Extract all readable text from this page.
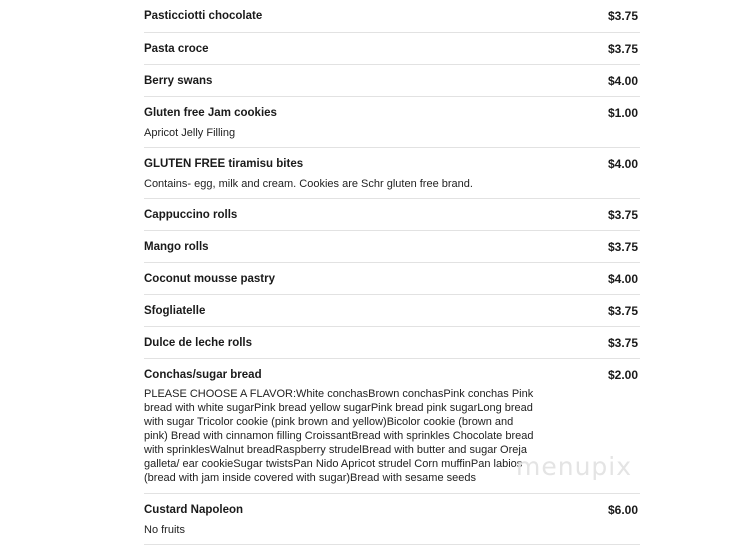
Pasticciotti chocolate	$3.75
Pasta croce	$3.75
Berry swans	$4.00
Gluten free Jam cookies	$1.00
Apricot Jelly Filling
GLUTEN FREE tiramisu bites	$4.00
Contains- egg, milk and cream. Cookies are Schr gluten free brand.
Cappuccino rolls	$3.75
Mango rolls	$3.75
Coconut mousse pastry	$4.00
Sfogliatelle	$3.75
Dulce de leche rolls	$3.75
Conchas/sugar bread	$2.00
PLEASE CHOOSE A FLAVOR:White conchasBrown conchasPink conchas Pink bread with white sugarPink bread yellow sugarPink bread pink sugarLong bread with sugar Tricolor cookie (pink brown and yellow)Bicolor cookie (brown and pink) Bread with cinnamon filling CroissantBread with sprinkles Chocolate bread with sprinklesWalnut breadRaspberry strudelBread with butter and sugar Oreja galleta/ ear cookieSugar twistsPan Nido Apricot strudel Corn muffinPan labios (bread with jam inside covered with sugar)Bread with sesame seeds
Custard Napoleon	$6.00
No fruits
menupix
